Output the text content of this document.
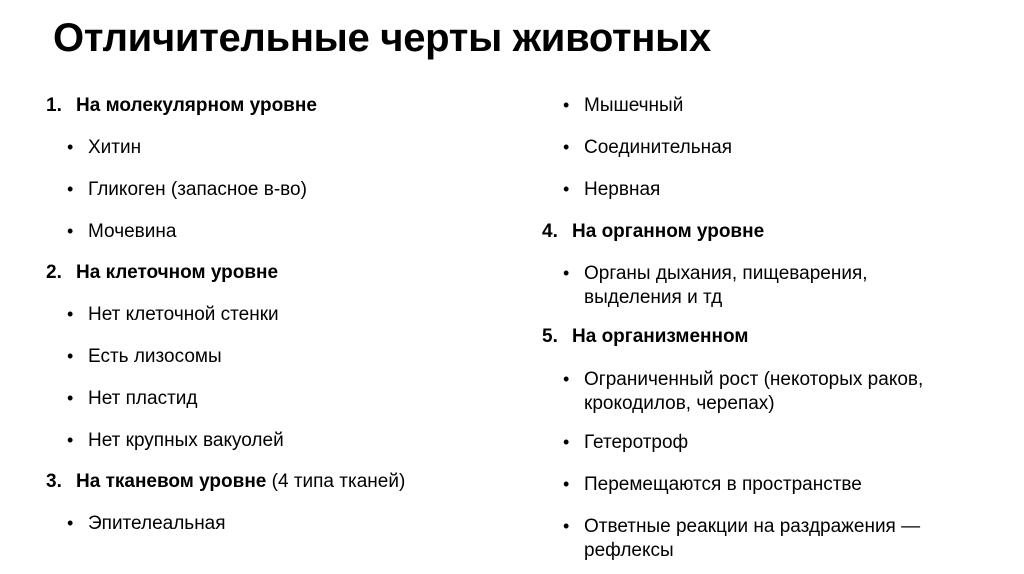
Отличительные черты животных
1. На молекулярном уровне
• Хитин
• Гликоген (запасное в-во)
• Мочевина
2. На клеточном уровне
• Нет клеточной стенки
• Есть лизосомы
• Нет пластид
• Нет крупных вакуолей
3. На тканевом уровне (4 типа тканей)
• Эпителеальная
• Мышечный
• Соединительная
• Нервная
4. На органном уровне
• Органы дыхания, пищеварения,
выделения и тд
5. На организменном
• Ограниченный рост (некоторых раков,
крокодилов, черепах)
• Гетеротроф
• Перемещаются в пространстве
• Ответные реакции на раздражения —
рефлексы
